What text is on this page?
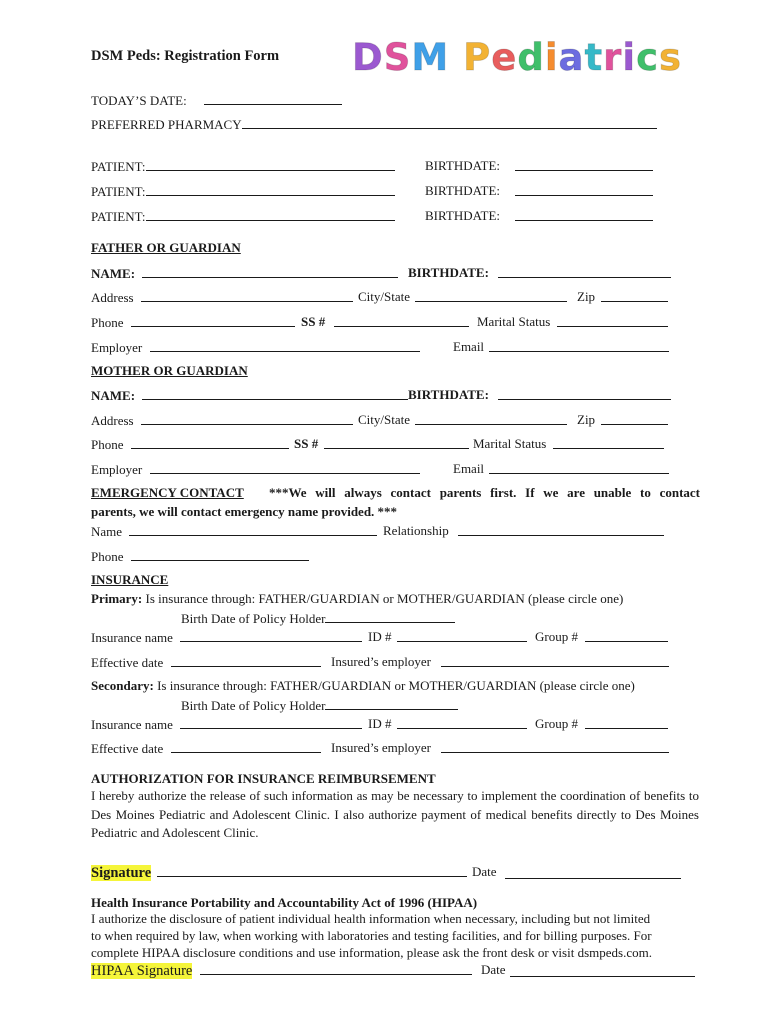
DSM Peds: Registration Form DSM Pediatrics
TODAY’S DATE:
PREFERRED PHARMACY
PATIENT:	BIRTHDATE:
PATIENT:	BIRTHDATE:
PATIENT:	BIRTHDATE:
FATHER OR GUARDIAN
NAME:	BIRTHDATE:
Address	City/State	Zip
Phone	SS #	Marital Status
Employer	Email
MOTHER OR GUARDIAN
NAME:	BIRTHDATE:
Address	City/State	Zip
Phone	SS #	Marital Status
Employer	Email
EMERGENCY CONTACT ***We will always contact parents first. If we are unable to contact
parents, we will contact emergency name provided. ***
Name	Relationship
Phone
INSURANCE
Primary: Is insurance through: FATHER/GUARDIAN or MOTHER/GUARDIAN (please circle one)
Birth Date of Policy Holder
Insurance name	ID #	Group #
Effective date	Insured’s employer
Secondary: Is insurance through: FATHER/GUARDIAN or MOTHER/GUARDIAN (please circle one)
Birth Date of Policy Holder
Insurance name	ID #	Group #
Effective date	Insured’s employer
AUTHORIZATION FOR INSURANCE REIMBURSEMENT
I hereby authorize the release of such information as may be necessary to implement the coordination of benefits to Des Moines Pediatric and Adolescent Clinic. I also authorize payment of medical benefits directly to Des Moines Pediatric and Adolescent Clinic.
Signature	Date
Health Insurance Portability and Accountability Act of 1996 (HIPAA)
I authorize the disclosure of patient individual health information when necessary, including but not limited
to when required by law, when working with laboratories and testing facilities, and for billing purposes. For
complete HIPAA disclosure conditions and use information, please ask the front desk or visit dsmpeds.com.
HIPAA Signature	Date
